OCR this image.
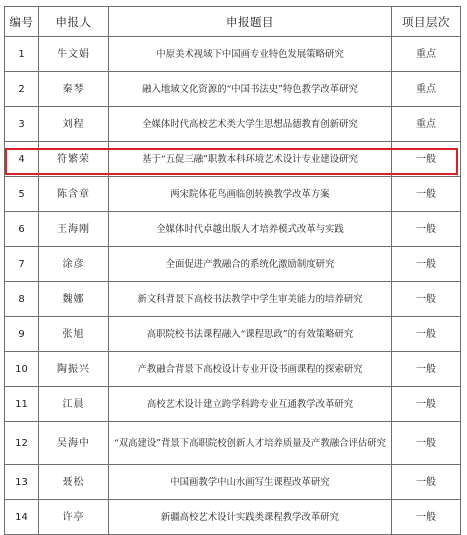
编号	申报人	申报题目	项目层次
1	牛文娟	中原美术视域下中国画专业特色发展策略研究	重点
2	秦琴	融入地域文化资源的“中国书法史”特色教学改革研究	重点
3	刘程	全媒体时代高校艺术类大学生思想品德教育创新研究	重点
4	符繁荣	基于“五促三融”职教本科环境艺术设计专业建设研究	一般
5	陈含章	两宋院体花鸟画临创转换教学改革方案	一般
6	王海刚	全媒体时代卓越出版人才培养模式改革与实践	一般
7	涂彦	全面促进产教融合的系统化激励制度研究	一般
8	魏娜	新文科背景下高校书法教学中学生审美能力的培养研究	一般
9	张旭	高职院校书法课程融入“课程思政”的有效策略研究	一般
10	陶振兴	产教融合背景下高校设计专业开设书画课程的探索研究	一般
11	江晨	高校艺术设计建立跨学科跨专业互通教学改革研究	一般
12	吴海中	“双高建设”背景下高职院校创新人才培养质量及产教融合评估研究	一般
13	聂松	中国画教学中山水画写生课程改革研究	一般
14	许亭	新疆高校艺术设计实践类课程教学改革研究	一般
